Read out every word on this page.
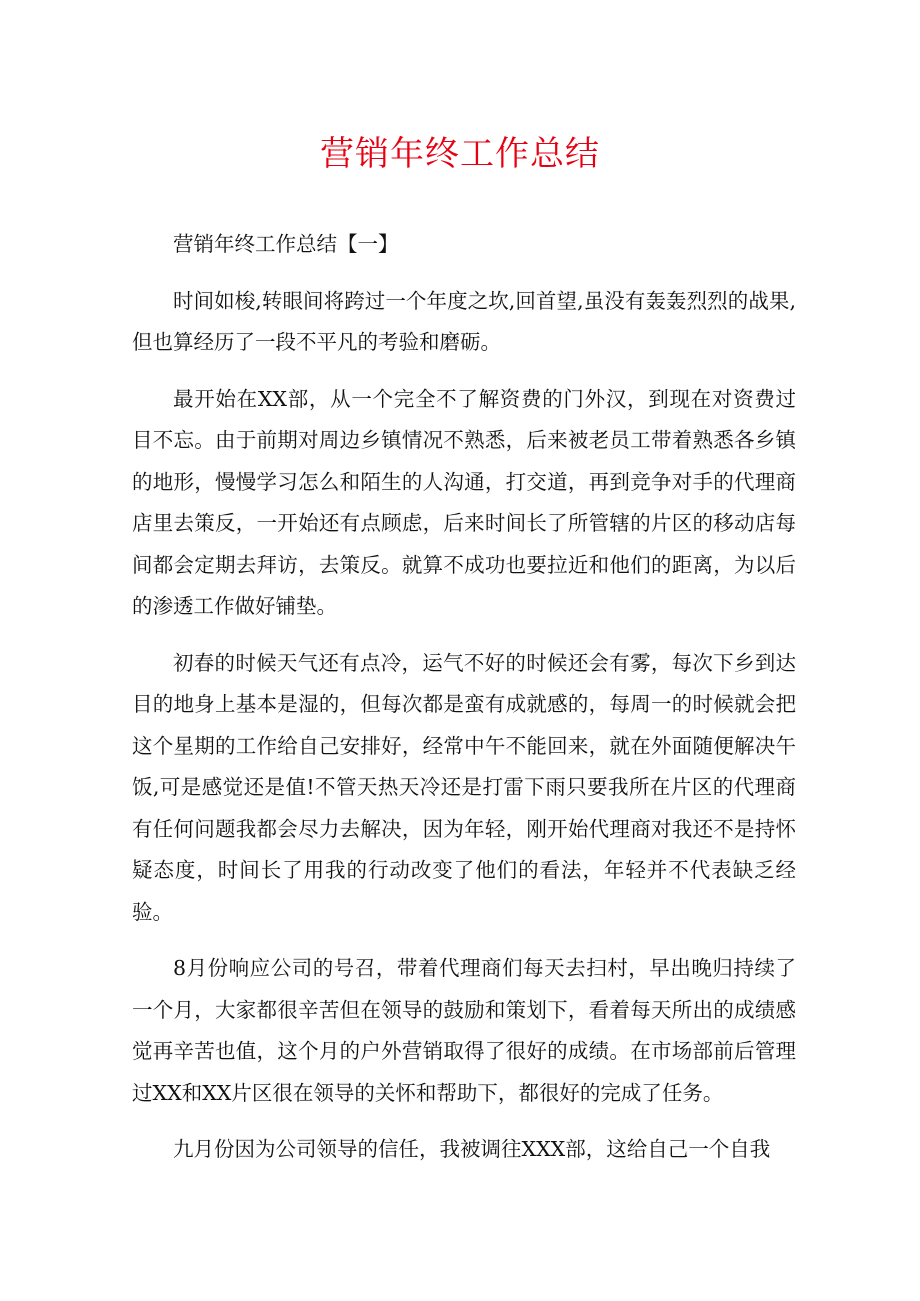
营销年终工作总结

营销年终工作总结【一】

时间如梭,转眼间将跨过一个年度之坎,回首望,虽没有轰轰烈烈的战果,但也算经历了一段不平凡的考验和磨砺。

最开始在XX部，从一个完全不了解资费的门外汉，到现在对资费过目不忘。由于前期对周边乡镇情况不熟悉，后来被老员工带着熟悉各乡镇的地形，慢慢学习怎么和陌生的人沟通，打交道，再到竞争对手的代理商店里去策反，一开始还有点顾虑，后来时间长了所管辖的片区的移动店每间都会定期去拜访，去策反。就算不成功也要拉近和他们的距离，为以后的渗透工作做好铺垫。

初春的时候天气还有点冷，运气不好的时候还会有雾，每次下乡到达目的地身上基本是湿的，但每次都是蛮有成就感的，每周一的时候就会把这个星期的工作给自己安排好，经常中午不能回来，就在外面随便解决午饭,可是感觉还是值!不管天热天冷还是打雷下雨只要我所在片区的代理商有任何问题我都会尽力去解决，因为年轻，刚开始代理商对我还不是持怀疑态度，时间长了用我的行动改变了他们的看法，年轻并不代表缺乏经验。

8月份响应公司的号召，带着代理商们每天去扫村，早出晚归持续了一个月，大家都很辛苦但在领导的鼓励和策划下，看着每天所出的成绩感觉再辛苦也值，这个月的户外营销取得了很好的成绩。在市场部前后管理过XX和XX片区很在领导的关怀和帮助下，都很好的完成了任务。

九月份因为公司领导的信任，我被调往XXX部，这给自己一个自我
